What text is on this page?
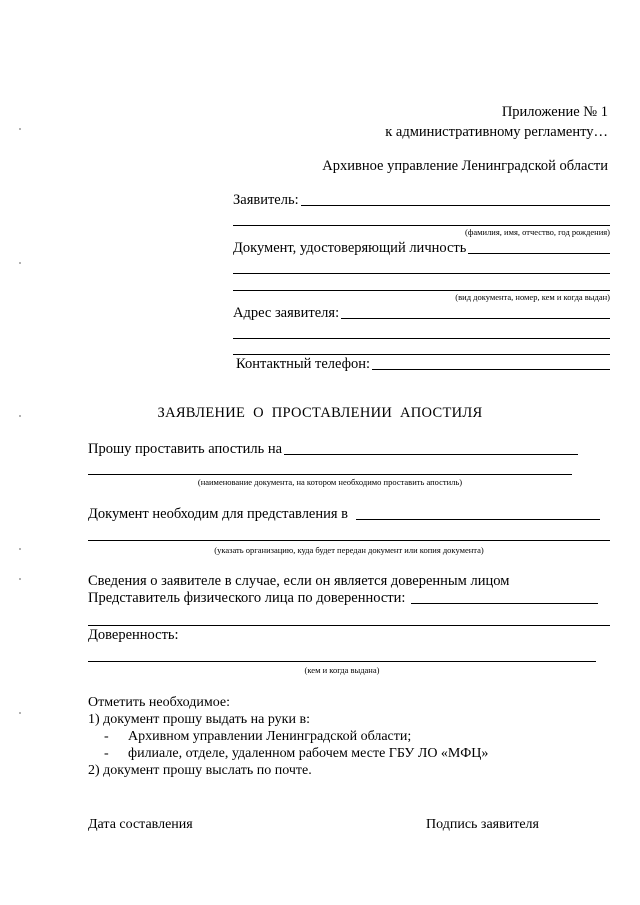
Приложение № 1
к административному регламенту…
Архивное управление Ленинградской области
Заявитель:
(фамилия, имя, отчество, год рождения)
Документ, удостоверяющий личность
(вид документа, номер, кем и когда выдан)
Адрес заявителя:
Контактный телефон:
ЗАЯВЛЕНИЕ  О  ПРОСТАВЛЕНИИ  АПОСТИЛЯ
Прошу проставить апостиль на
(наименование документа, на котором необходимо проставить апостиль)
Документ необходим для представления в
(указать организацию, куда будет передан документ или копия документа)
Сведения о заявителе в случае, если он является доверенным лицом
Представитель физического лица по доверенности:
Доверенность:
(кем и когда выдана)
Отметить необходимое:
1) документ прошу выдать на руки в:
- Архивном управлении Ленинградской области;
- филиале, отделе, удаленном рабочем месте ГБУ ЛО «МФЦ»
2) документ прошу выслать по почте.
Дата составления	Подпись заявителя
